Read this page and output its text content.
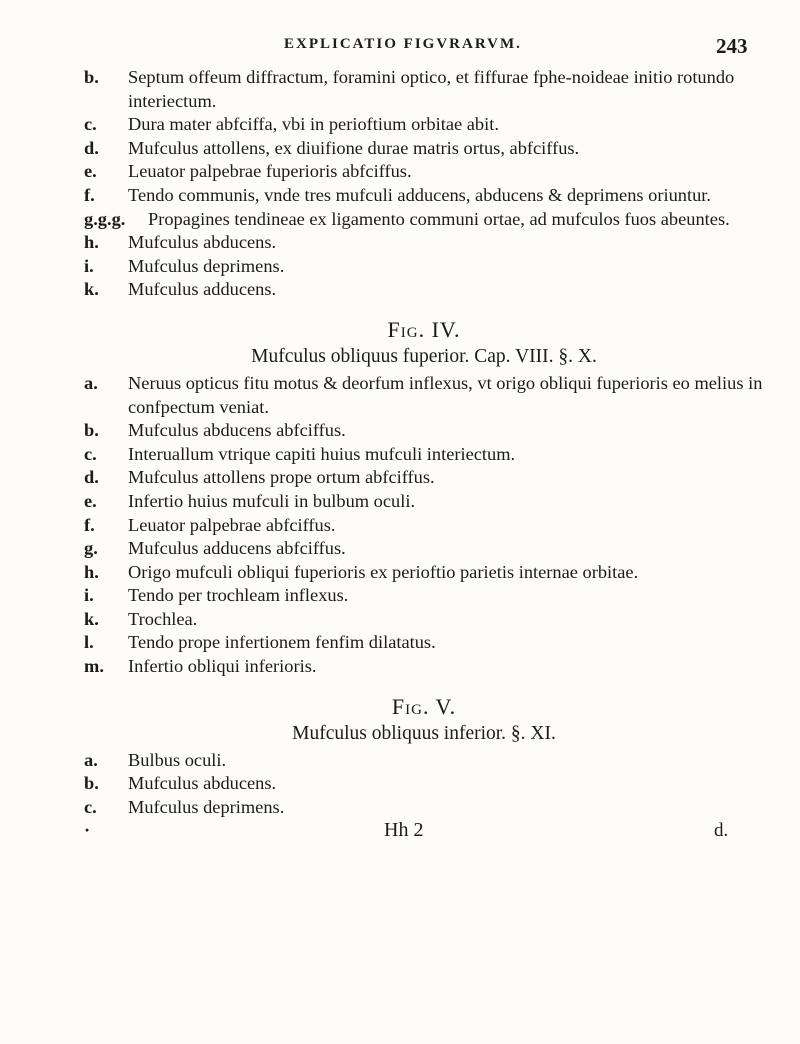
EXPLICATIO FIGVRARVM.	243
b.	Septum offeum diffractum, foramini optico, et fiffurae fphe-noideae initio rotundo interiectum.
c.	Dura mater abfciffa, vbi in perioftium orbitae abit.
d.	Mufculus attollens, ex diuifione durae matris ortus, abfciffus.
e.	Leuator palpebrae fuperioris abfciffus.
f.	Tendo communis, vnde tres mufculi adducens, abducens & deprimens oriuntur.
g.g.g. Propagines tendineae ex ligamento communi ortae, ad mufculos fuos abeuntes.
h.	Mufculus abducens.
i.	Mufculus deprimens.
k.	Mufculus adducens.
Fig. IV.
Mufculus obliquus fuperior. Cap. VIII. §. X.
a.	Neruus opticus fitu motus & deorfum inflexus, vt origo obliqui fuperioris eo melius in confpectum veniat.
b.	Mufculus abducens abfciffus.
c.	Interuallum vtrique capiti huius mufculi interiectum.
d.	Mufculus attollens prope ortum abfciffus.
e.	Infertio huius mufculi in bulbum oculi.
f.	Leuator palpebrae abfciffus.
g.	Mufculus adducens abfciffus.
h.	Origo mufculi obliqui fuperioris ex perioftio parietis internae orbitae.
i.	Tendo per trochleam inflexus.
k.	Trochlea.
l.	Tendo prope infertionem fenfim dilatatus.
m.	Infertio obliqui inferioris.
Fig. V.
Mufculus obliquus inferior. §. XI.
a.	Bulbus oculi.
b.	Mufculus abducens.
c.	Mufculus deprimens.
·	Hh 2	d.
